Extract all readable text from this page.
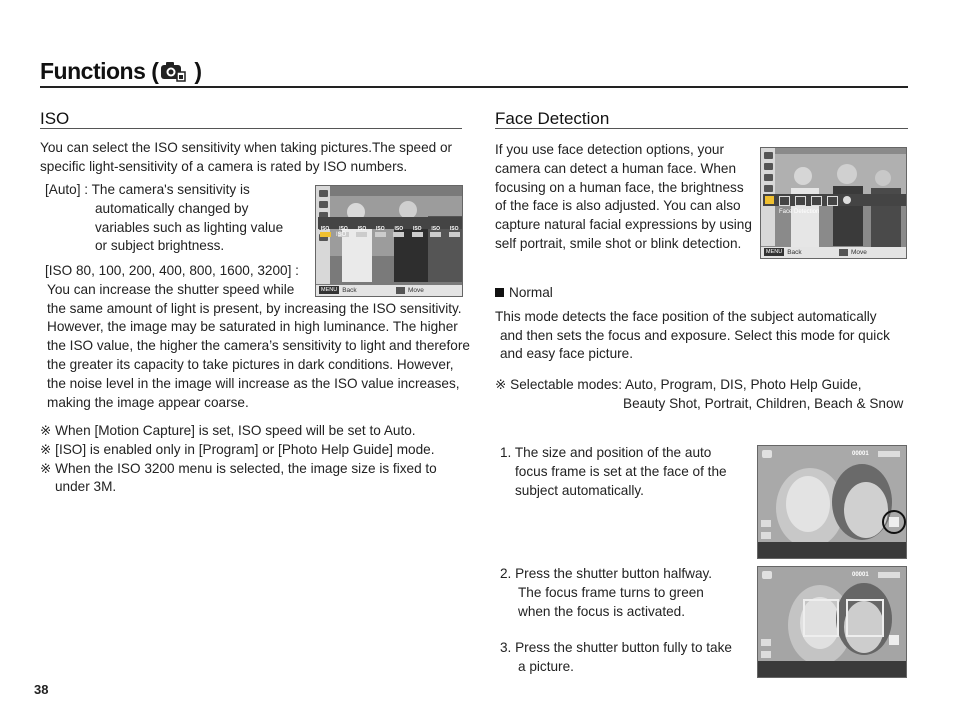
Functions ( )
ISO
You can select the ISO sensitivity when taking pictures.The speed or
specific light-sensitivity of a camera is rated by ISO numbers.
[Auto] : The camera's sensitivity is
automatically changed by
variables such as lighting value
or subject brightness.
ISO ISO ISO ISO ISO ISO ISO ISO
ISO
MENU Back	Move
[ISO 80, 100, 200, 400, 800, 1600, 3200] :
You can increase the shutter speed while
the same amount of light is present, by increasing the ISO sensitivity.
However, the image may be saturated in high luminance. The higher
the ISO value, the higher the camera’s sensitivity to light and therefore
the greater its capacity to take pictures in dark conditions. However,
the noise level in the image will increase as the ISO value increases,
making the image appear coarse.
※ When [Motion Capture] is set, ISO speed will be set to Auto.
※ [ISO] is enabled only in [Program] or [Photo Help Guide] mode.
※ When the ISO 3200 menu is selected, the image size is fixed to
under 3M.
Face Detection
If you use face detection options, your
camera can detect a human face. When
focusing on a human face, the brightness
of the face is also adjusted. You can also
capture natural facial expressions by using
self portrait, smile shot or blink detection.
Face Detection
MENU Back	Move
Normal
This mode detects the face position of the subject automatically
and then sets the focus and exposure. Select this mode for quick
and easy face picture.
※ Selectable modes: Auto, Program, DIS, Photo Help Guide,
Beauty Shot, Portrait, Children, Beach & Snow
1. The size and position of the auto
focus frame is set at the face of the
subject automatically.
00001
2. Press the shutter button halfway.
The focus frame turns to green
when the focus is activated.
3. Press the shutter button fully to take
a picture.
00001
38
